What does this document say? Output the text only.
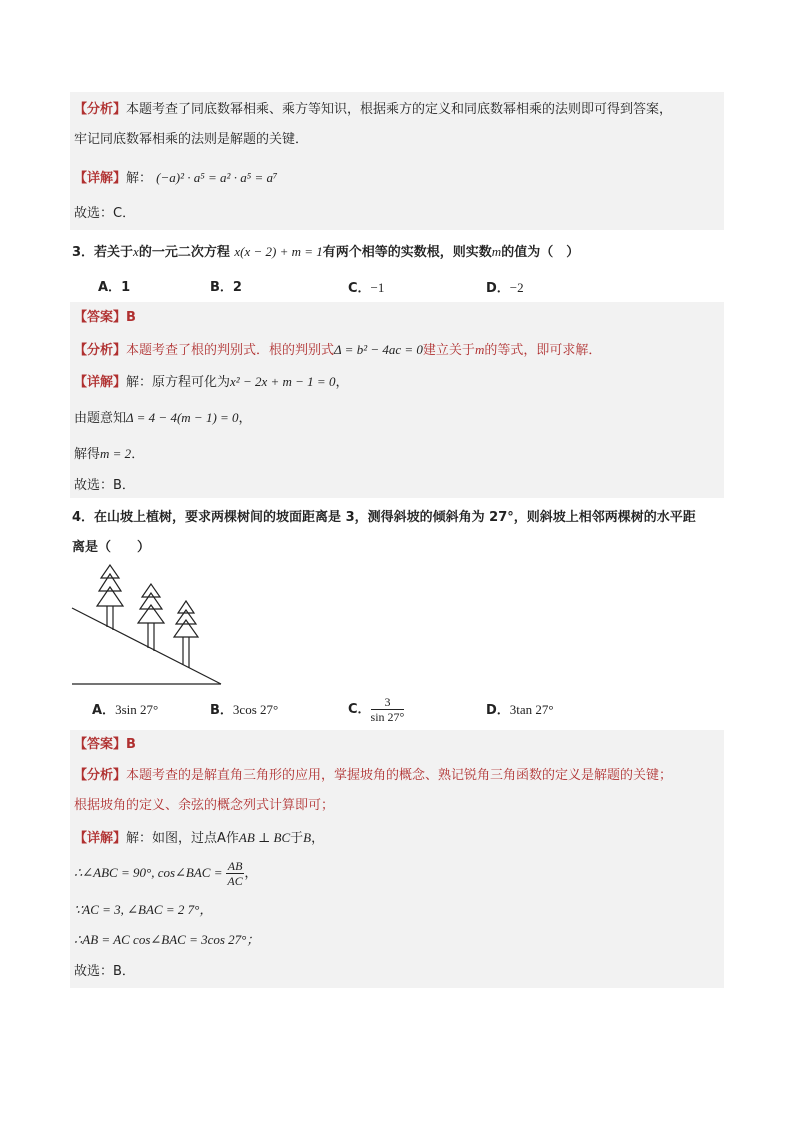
【分析】本题考查了同底数幂相乘、乘方等知识，根据乘方的定义和同底数幂相乘的法则即可得到答案，
牢记同底数幂相乘的法则是解题的关键．
【详解】解： (−a)² · a⁵ = a² · a⁵ = a⁷
故选：C．
3．若关于x的一元二次方程 x(x − 2) + m = 1有两个相等的实数根，则实数m的值为（　）
A．1	B．2	C．−1	D．−2
【答案】B
【分析】本题考查了根的判别式．根的判别式Δ = b² − 4ac = 0建立关于m的等式，即可求解．
【详解】解：原方程可化为x² − 2x + m − 1 = 0，
由题意知Δ = 4 − 4(m − 1) = 0，
解得m = 2．
故选：B．
4．在山坡上植树，要求两棵树间的坡面距离是 3，测得斜坡的倾斜角为 27°，则斜坡上相邻两棵树的水平距
离是（　　）
A．3sin 27°	B．3cos 27°	C． $\frac{3}{\sin 27^\circ}$	D．3tan 27°
【答案】B
【分析】本题考查的是解直角三角形的应用，掌握坡角的概念、熟记锐角三角函数的定义是解题的关键；
根据坡角的定义、余弦的概念列式计算即可；
【详解】解：如图，过点A作AB ⊥ BC于B，
∴∠ABC = 90°, cos∠BAC = $\frac{AB}{AC}$ ，
∵AC = 3, ∠BAC = 2 7°，
∴AB = AC cos∠BAC = 3cos 27°；
故选：B．
